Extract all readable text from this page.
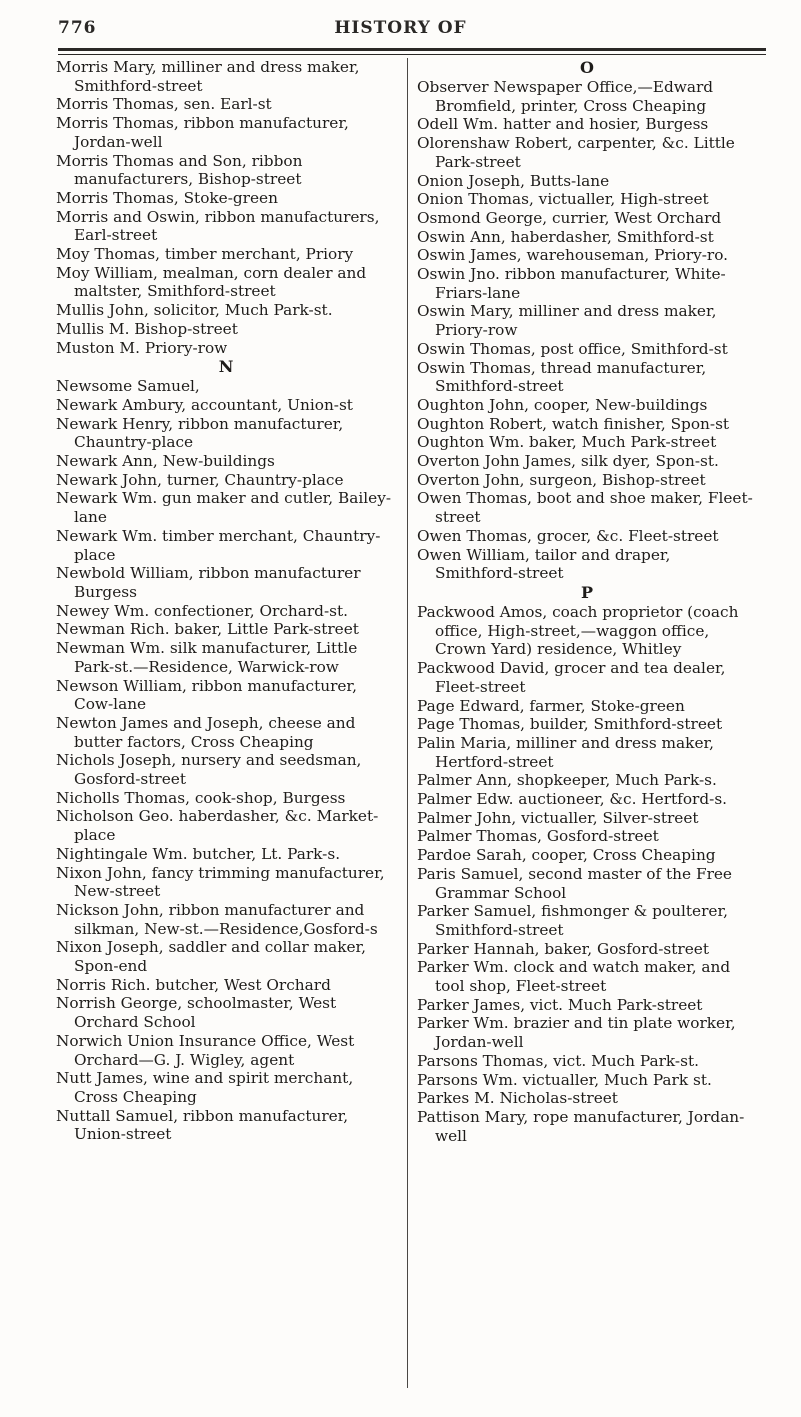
776	HISTORY OF
Morris Mary, milliner and dress maker, Smithford-street
Morris Thomas, sen. Earl-st
Morris Thomas, ribbon manufacturer, Jordan-well
Morris Thomas and Son, ribbon manufacturers, Bishop-street
Morris Thomas, Stoke-green
Morris and Oswin, ribbon manufacturers, Earl-street
Moy Thomas, timber merchant, Priory
Moy William, mealman, corn dealer and maltster, Smithford-street
Mullis John, solicitor, Much Park-st.
Mullis M. Bishop-street
Muston M. Priory-row
N
Newsome Samuel,
Newark Ambury, accountant, Union-st
Newark Henry, ribbon manufacturer, Chauntry-place
Newark Ann, New-buildings
Newark John, turner, Chauntry-place
Newark Wm. gun maker and cutler, Bailey-lane
Newark Wm. timber merchant, Chauntry-place
Newbold William, ribbon manufacturer Burgess
Newey Wm. confectioner, Orchard-st.
Newman Rich. baker, Little Park-street
Newman Wm. silk manufacturer, Little Park-st.—Residence, Warwick-row
Newson William, ribbon manufacturer, Cow-lane
Newton James and Joseph, cheese and butter factors, Cross Cheaping
Nichols Joseph, nursery and seedsman, Gosford-street
Nicholls Thomas, cook-shop, Burgess
Nicholson Geo. haberdasher, &c. Market-place
Nightingale Wm. butcher, Lt. Park-s.
Nixon John, fancy trimming manufacturer, New-street
Nickson John, ribbon manufacturer and silkman, New-st.—Residence,Gosford-s
Nixon Joseph, saddler and collar maker, Spon-end
Norris Rich. butcher, West Orchard
Norrish George, schoolmaster, West Orchard School
Norwich Union Insurance Office, West Orchard—G. J. Wigley, agent
Nutt James, wine and spirit merchant, Cross Cheaping
Nuttall Samuel, ribbon manufacturer, Union-street
O
Observer Newspaper Office,—Edward Bromfield, printer, Cross Cheaping
Odell Wm. hatter and hosier, Burgess
Olorenshaw Robert, carpenter, &c. Little Park-street
Onion Joseph, Butts-lane
Onion Thomas, victualler, High-street
Osmond George, currier, West Orchard
Oswin Ann, haberdasher, Smithford-st
Oswin James, warehouseman, Priory-ro.
Oswin Jno. ribbon manufacturer, White-Friars-lane
Oswin Mary, milliner and dress maker, Priory-row
Oswin Thomas, post office, Smithford-st
Oswin Thomas, thread manufacturer, Smithford-street
Oughton John, cooper, New-buildings
Oughton Robert, watch finisher, Spon-st
Oughton Wm. baker, Much Park-street
Overton John James, silk dyer, Spon-st.
Overton John, surgeon, Bishop-street
Owen Thomas, boot and shoe maker, Fleet-street
Owen Thomas, grocer, &c. Fleet-street
Owen William, tailor and draper, Smithford-street
P
Packwood Amos, coach proprietor (coach office, High-street,—waggon office, Crown Yard) residence, Whitley
Packwood David, grocer and tea dealer, Fleet-street
Page Edward, farmer, Stoke-green
Page Thomas, builder, Smithford-street
Palin Maria, milliner and dress maker, Hertford-street
Palmer Ann, shopkeeper, Much Park-s.
Palmer Edw. auctioneer, &c. Hertford-s.
Palmer John, victualler, Silver-street
Palmer Thomas, Gosford-street
Pardoe Sarah, cooper, Cross Cheaping
Paris Samuel, second master of the Free Grammar School
Parker Samuel, fishmonger & poulterer, Smithford-street
Parker Hannah, baker, Gosford-street
Parker Wm. clock and watch maker, and tool shop, Fleet-street
Parker James, vict. Much Park-street
Parker Wm. brazier and tin plate worker, Jordan-well
Parsons Thomas, vict. Much Park-st.
Parsons Wm. victualler, Much Park st.
Parkes M. Nicholas-street
Pattison Mary, rope manufacturer, Jordan-well
